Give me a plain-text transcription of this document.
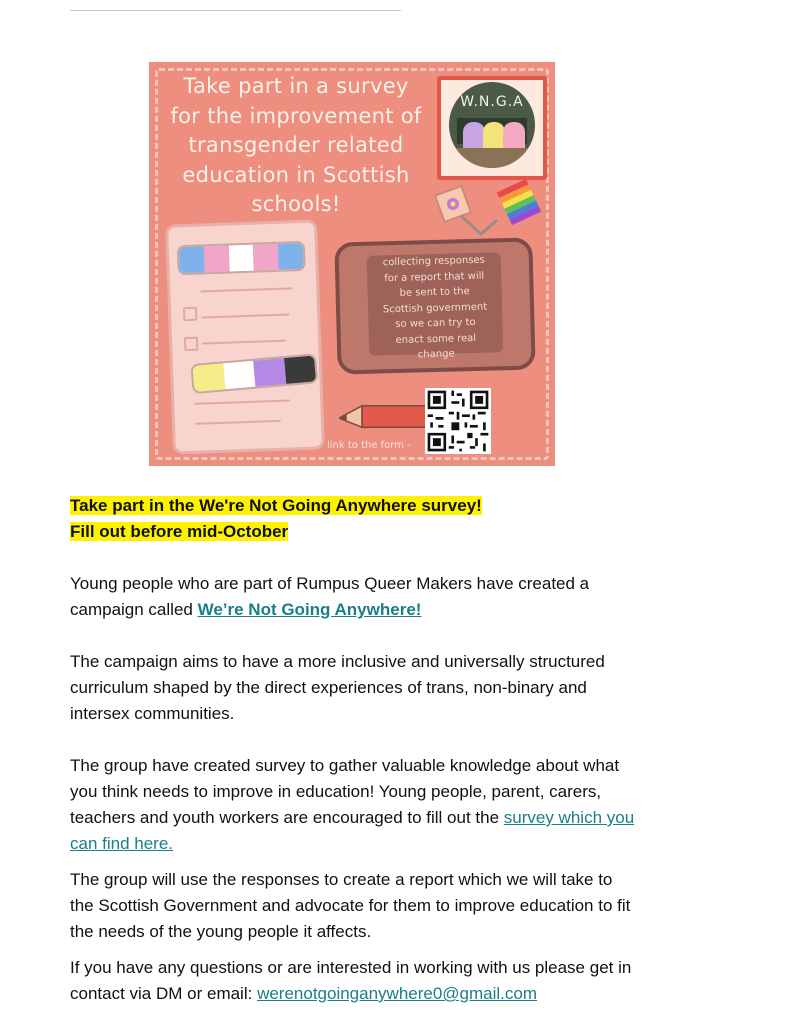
Take part in a survey
for the improvement of
transgender related
education in Scottish
schools!
W.N.G.A
collecting responses
for a report that will
be sent to the
Scottish government
so we can try to
enact some real
change
link to the form -
Take part in the We're Not Going Anywhere survey!
Fill out before mid-October

Young people who are part of Rumpus Queer Makers have created a campaign called We’re Not Going Anywhere!

The campaign aims to have a more inclusive and universally structured curriculum shaped by the direct experiences of trans, non-binary and intersex communities.

The group have created survey to gather valuable knowledge about what you think needs to improve in education! Young people, parent, carers, teachers and youth workers are encouraged to fill out the survey which you can find here.

The group will use the responses to create a report which we will take to the Scottish Government and advocate for them to improve education to fit the needs of the young people it affects.

If you have any questions or are interested in working with us please get in contact via DM or email: werenotgoinganywhere0@gmail.com
